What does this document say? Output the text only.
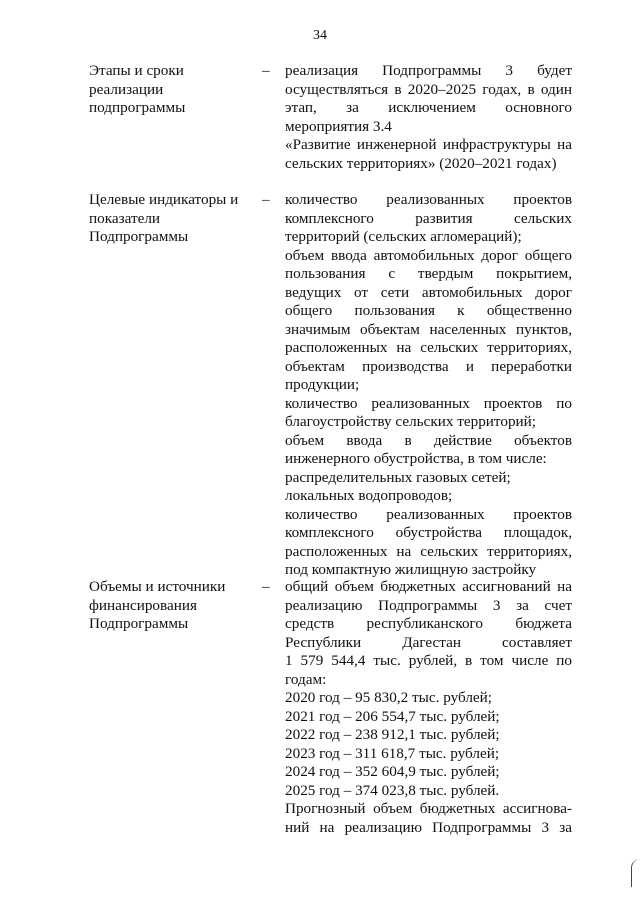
34
Этапы и сроки
реализации
подпрограммы
– реализация Подпрограммы 3 будет
осуществляться в 2020–2025 годах, в один
этап, за исключением основного
мероприятия 3.4
«Развитие инженерной инфраструктуры на
сельских территориях» (2020–2021 годах)
Целевые индикаторы и
показатели
Подпрограммы
– количество реализованных проектов
комплексного развития сельских
территорий (сельских агломераций);
объем ввода автомобильных дорог общего
пользования с твердым покрытием,
ведущих от сети автомобильных дорог
общего пользования к общественно
значимым объектам населенных пунктов,
расположенных на сельских территориях,
объектам производства и переработки
продукции;
количество реализованных проектов по
благоустройству сельских территорий;
объем ввода в действие объектов
инженерного обустройства, в том числе:
распределительных газовых сетей;
локальных водопроводов;
количество реализованных проектов
комплексного обустройства площадок,
расположенных на сельских территориях,
под компактную жилищную застройку
Объемы и источники
финансирования
Подпрограммы
– общий объем бюджетных ассигнований на
реализацию Подпрограммы 3 за счет
средств республиканского бюджета
Республики Дагестан составляет
1 579 544,4 тыс. рублей, в том числе по
годам:
2020 год – 95 830,2 тыс. рублей;
2021 год – 206 554,7 тыс. рублей;
2022 год – 238 912,1 тыс. рублей;
2023 год – 311 618,7 тыс. рублей;
2024 год – 352 604,9 тыс. рублей;
2025 год – 374 023,8 тыс. рублей.
Прогнозный объем бюджетных ассигнова-
ний на реализацию Подпрограммы 3 за
